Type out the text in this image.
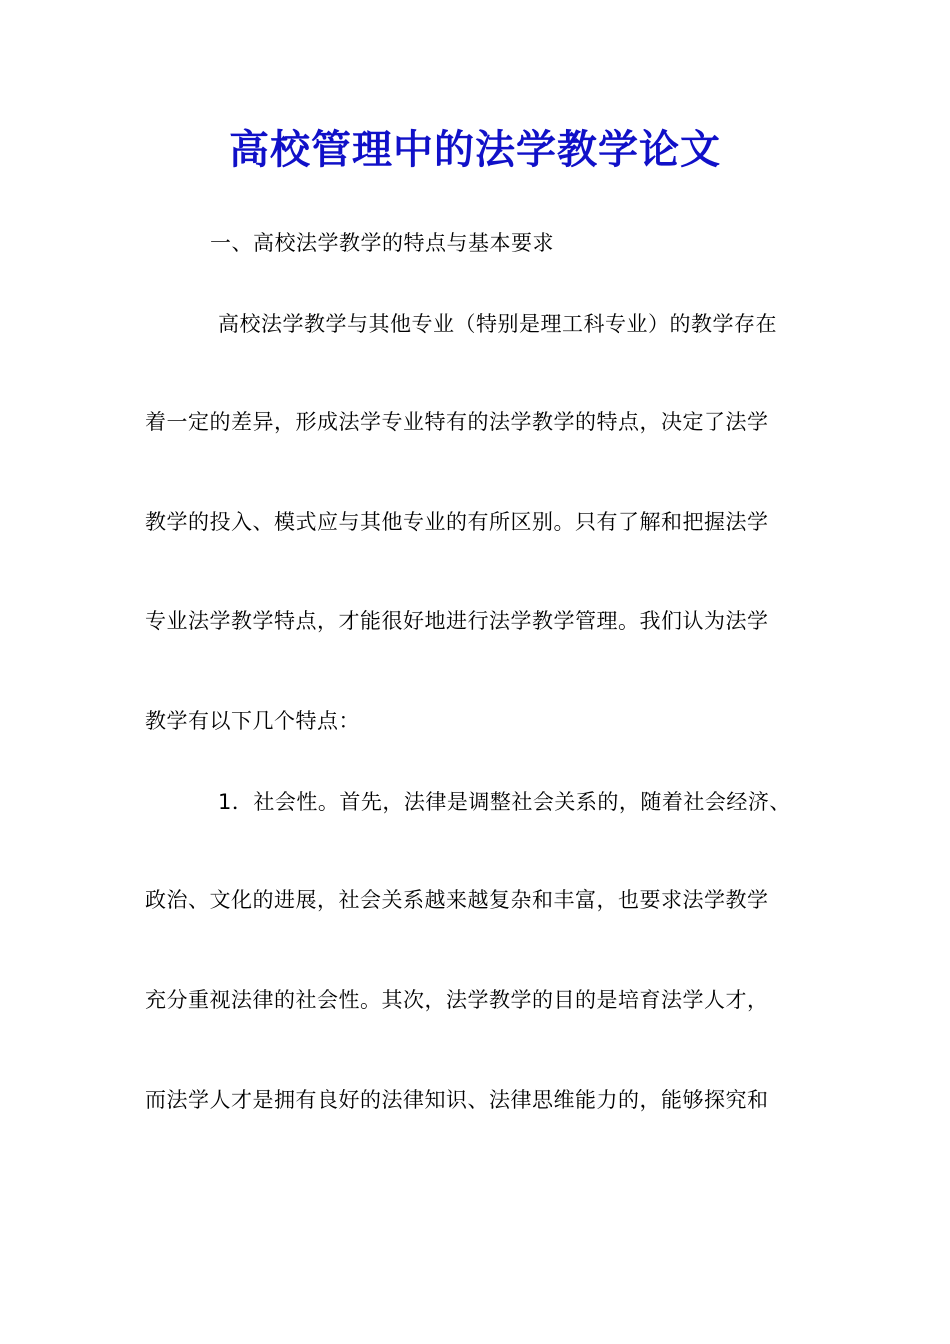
高校管理中的法学教学论文
一、高校法学教学的特点与基本要求
高校法学教学与其他专业（特别是理工科专业）的教学存在
着一定的差异，形成法学专业特有的法学教学的特点，决定了法学
教学的投入、模式应与其他专业的有所区别。只有了解和把握法学
专业法学教学特点，才能很好地进行法学教学管理。我们认为法学
教学有以下几个特点：
1．社会性。首先，法律是调整社会关系的，随着社会经济、
政治、文化的进展，社会关系越来越复杂和丰富，也要求法学教学
充分重视法律的社会性。其次，法学教学的目的是培育法学人才，
而法学人才是拥有良好的法律知识、法律思维能力的，能够探究和
